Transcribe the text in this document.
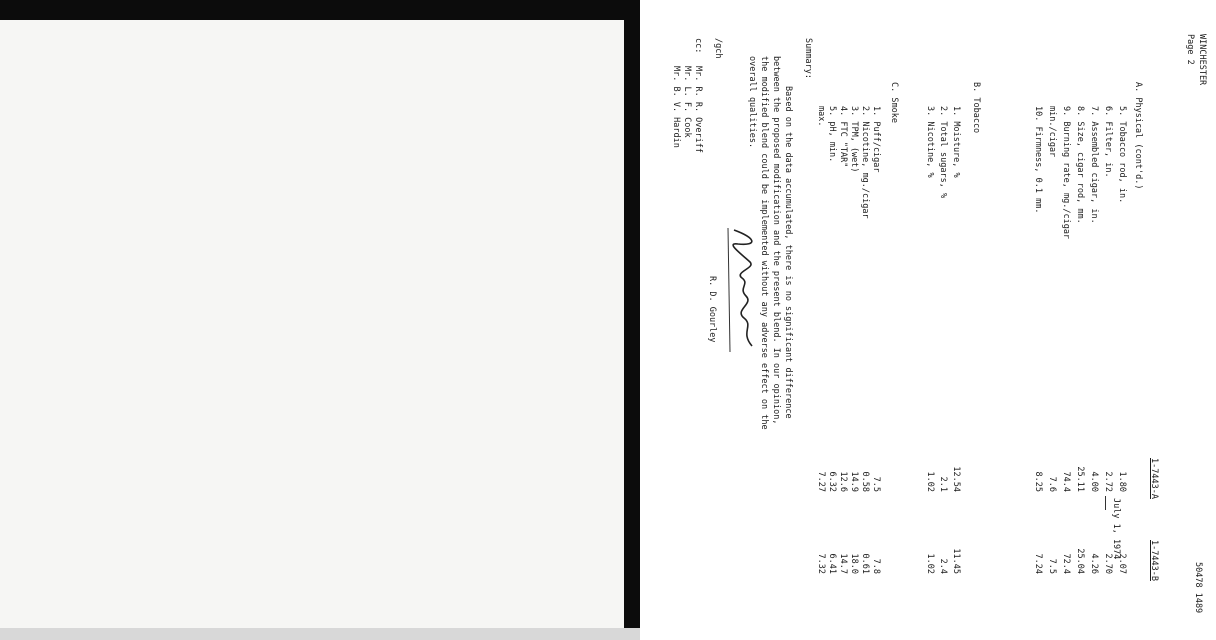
WINCHESTER
Page 2
50478 1489
July 1, 1974
A. Physical (cont'd.)
1-7443-A
1-7443-B
5. Tobacco rod, in.
1.80
2.07
6. Filter, in.
2.72
2.70
7. Assembled cigar, in.
4.00
4.26
8. Size, cigar rod, mm.
25.11
25.04
9. Burning rate, mg./cigar
74.4
72.4
min./cigar
7.6
7.5
10. Firmness, 0.1 mm.
8.25
7.24
B. Tobacco
1. Moisture, %
12.54
11.45
2. Total sugars, %
2.1
2.4
3. Nicotine, %
1.02
1.02
C. Smoke
1. Puff/cigar
7.5
7.8
2. Nicotine, mg./cigar
0.58
0.61
3. TPM, (wet)
14.9
18.0
4. FTC "TAR"
12.6
14.7
5. pH, min.
6.32
6.41
max.
7.27
7.32
Summary:
Based on the data accumulated, there is no significant difference
between the proposed modification and the present blend. In our opinion,
the modified blend could be implemented without any adverse effect on the
overall qualities.
R. D. Gourley
/gch
cc:
Mr. R. R. Overiff
Mr. L. F. Cook
Mr. B. V. Hardin
